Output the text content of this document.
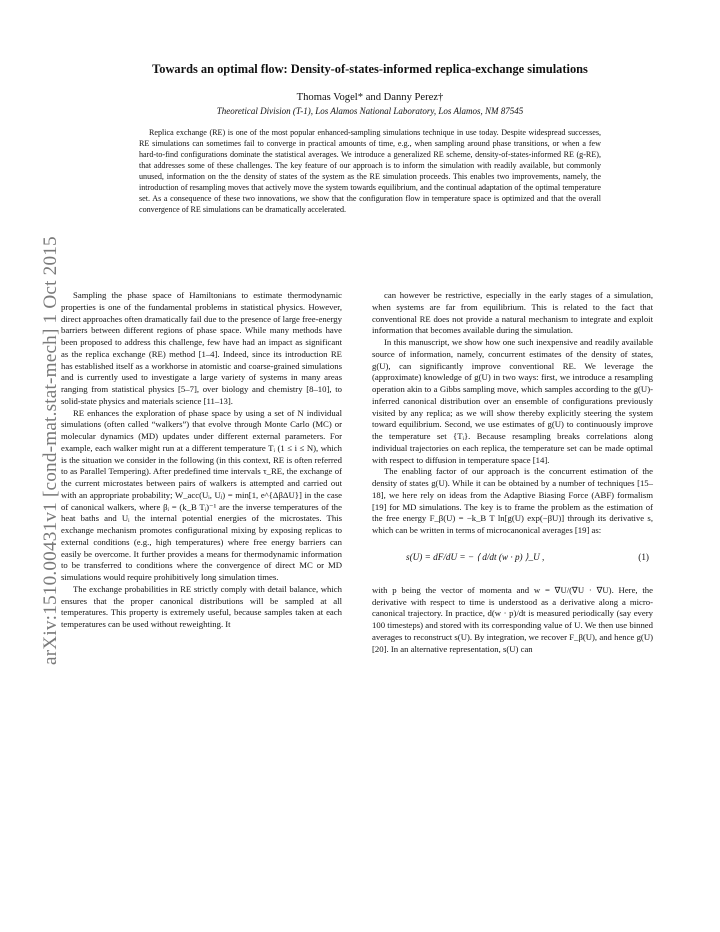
arXiv:1510.00431v1 [cond-mat.stat-mech] 1 Oct 2015
Towards an optimal flow: Density-of-states-informed replica-exchange simulations
Thomas Vogel* and Danny Perez†
Theoretical Division (T-1), Los Alamos National Laboratory, Los Alamos, NM 87545
Replica exchange (RE) is one of the most popular enhanced-sampling simulations technique in use today. Despite widespread successes, RE simulations can sometimes fail to converge in practical amounts of time, e.g., when sampling around phase transitions, or when a few hard-to-find configurations dominate the statistical averages. We introduce a generalized RE scheme, density-of-states-informed RE (g-RE), that addresses some of these challenges. The key feature of our approach is to inform the simulation with readily available, but commonly unused, information on the the density of states of the system as the RE simulation proceeds. This enables two improvements, namely, the introduction of resampling moves that actively move the system towards equilibrium, and the continual adaptation of the optimal temperature set. As a consequence of these two innovations, we show that the configuration flow in temperature space is optimized and that the overall convergence of RE simulations can be dramatically accelerated.

Sampling the phase space of Hamiltonians to estimate thermodynamic properties is one of the fundamental problems in statistical physics. However, direct approaches often dramatically fail due to the presence of large free-energy barriers between different regions of phase space. While many methods have been proposed to address this challenge, few have had an impact as significant as the replica exchange (RE) method [1–4]. Indeed, since its introduction RE has established itself as a workhorse in atomistic and coarse-grained simulations and is currently used to investigate a large variety of systems in many areas ranging from statistical physics [5–7], over biology and chemistry [8–10], to solid-state physics and materials science [11–13].

RE enhances the exploration of phase space by using a set of N individual simulations (often called “walkers”) that evolve through Monte Carlo (MC) or molecular dynamics (MD) updates under different external parameters. For example, each walker might run at a different temperature Tᵢ (1 ≤ i ≤ N), which is the situation we consider in the following (in this context, RE is often referred to as Parallel Tempering). After predefined time intervals τ_RE, the exchange of the current microstates between pairs of walkers is attempted and carried out with an appropriate probability; W_acc(Uᵢ, Uⱼ) = min[1, e^{ΔβΔU}] in the case of canonical walkers, where βᵢ = (k_B Tᵢ)⁻¹ are the inverse temperatures of the heat baths and Uᵢ the internal potential energies of the microstates. This exchange mechanism promotes configurational mixing by exposing replicas to external conditions (e.g., high temperatures) where free energy barriers can easily be overcome. It further provides a means for thermodynamic information to be transferred to conditions where the convergence of direct MC or MD simulations would require prohibitively long simulation times.

The exchange probabilities in RE strictly comply with detail balance, which ensures that the proper canonical distributions will be sampled at all temperatures. This property is extremely useful, because samples taken at each temperatures can be used without reweighting. It

can however be restrictive, especially in the early stages of a simulation, when systems are far from equilibrium. This is related to the fact that conventional RE does not provide a natural mechanism to integrate and exploit information that becomes available during the simulation.

In this manuscript, we show how one such inexpensive and readily available source of information, namely, concurrent estimates of the density of states, g(U), can significantly improve conventional RE. We leverage the (approximate) knowledge of g(U) in two ways: first, we introduce a resampling operation akin to a Gibbs sampling move, which samples according to the g(U)-inferred canonical distribution over an ensemble of configurations previously visited by any replica; as we will show thereby explicitly steering the system toward equilibrium. Second, we use estimates of g(U) to continuously improve the temperature set {Tᵢ}. Because resampling breaks correlations along individual trajectories on each replica, the temperature set can be made optimal with respect to diffusion in temperature space [14].

The enabling factor of our approach is the concurrent estimation of the density of states g(U). While it can be obtained by a number of techniques [15–18], we here rely on ideas from the Adaptive Biasing Force (ABF) formalism [19] for MD simulations. The key is to frame the problem as the estimation of the free energy F_β(U) = −k_B T ln[g(U) exp(−βU)] through its derivative s, which can be written in terms of microcanonical averages [19] as:

s(U) = dF/dU = − ⟨ d/dt (w · p) ⟩_U ,	(1)

with p being the vector of momenta and w = ∇U/(∇U · ∇U). Here, the derivative with respect to time is understood as a derivative along a micro-canonical trajectory. In practice, d(w · p)/dt is measured periodically (say every 100 timesteps) and stored with its corresponding value of U. We then use binned averages to reconstruct s(U). By integration, we recover F_β(U), and hence g(U) [20]. In an alternative representation, s(U) can
